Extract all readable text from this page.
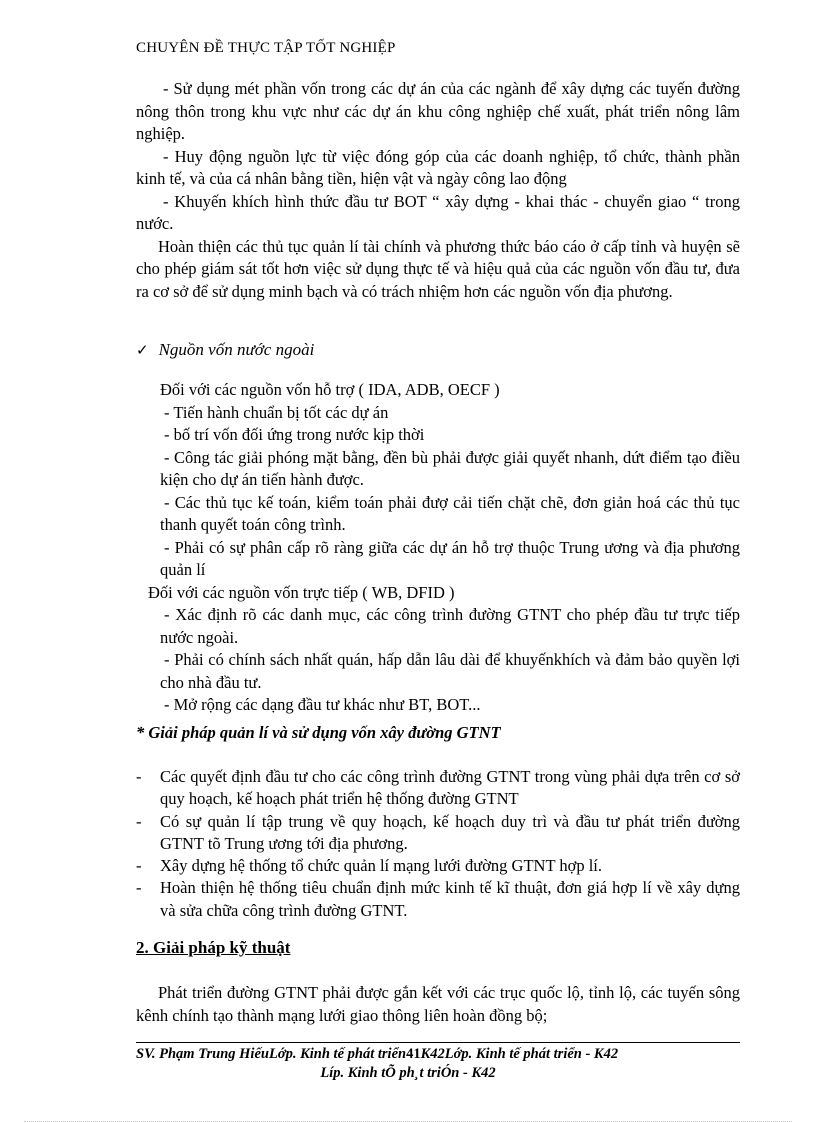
CHUYÊN ĐỀ THỰC TẬP TỐT NGHIỆP

- Sử dụng mét phần vốn trong các dự án của các ngành để xây dựng các tuyến đường nông thôn trong khu vực như các dự án khu công nghiệp chế xuất, phát triển nông lâm nghiệp.

- Huy động nguồn lực từ việc đóng góp của các doanh nghiệp, tổ chức, thành phần kinh tế, và của cá nhân bằng tiền, hiện vật và ngày công lao động

- Khuyến khích hình thức đầu tư BOT “ xây dựng - khai thác - chuyển giao “ trong nước.

Hoàn thiện các thủ tục quản lí tài chính và phương thức báo cáo ở cấp tỉnh và huyện sẽ cho phép giám sát tốt hơn việc sử dụng thực tế và hiệu quả của các nguồn vốn đầu tư, đưa ra cơ sở để sử dụng minh bạch và có trách nhiệm hơn các nguồn vốn địa phương.

✓ Nguồn vốn nước ngoài

Đối với các nguồn vốn hỗ trợ ( IDA, ADB, OECF )

- Tiến hành chuẩn bị tốt các dự án

- bố trí vốn đối ứng trong nước kịp thời

- Công tác giải phóng mặt bằng, đền bù phải được giải quyết nhanh, dứt điểm tạo điều kiện cho dự án tiến hành được.

- Các thủ tục kế toán, kiểm toán phải đượ cải tiến chặt chẽ, đơn giản hoá các thủ tục thanh quyết toán công trình.

- Phải có sự phân cấp rõ ràng giữa các dự án hỗ trợ thuộc Trung ương và địa phương quản lí

Đối với các nguồn vốn trực tiếp ( WB, DFID )

- Xác định rõ các danh mục, các công trình đường GTNT cho phép đầu tư trực tiếp nước ngoài.

- Phải có chính sách nhất quán, hấp dẫn lâu dài để khuyếnkhích và đảm bảo quyền lợi cho nhà đầu tư.

- Mở rộng các dạng đầu tư khác như BT, BOT...

* Giải pháp quản lí và sử dụng vốn xây đường GTNT
-	Các quyết định đầu tư cho các công trình đường GTNT trong vùng phải dựa trên cơ sở quy hoạch, kế hoạch phát triển hệ thống đường GTNT
-	Có sự quản lí tập trung về quy hoạch, kế hoạch duy trì và đầu tư phát triển đường GTNT tõ Trung ương tới địa phương.
-	Xây dựng hệ thống tổ chức quản lí mạng lưới đường GTNT hợp lí.
-	Hoàn thiện hệ thống tiêu chuẩn định mức kinh tế kĩ thuật, đơn giá hợp lí về xây dựng và sửa chữa công trình đường GTNT.
2. Giải pháp kỹ thuật

Phát triển đường GTNT phải được gắn kết với các trục quốc lộ, tỉnh lộ, các tuyến sông kênh chính tạo thành mạng lưới giao thông liên hoàn đồng bộ;

SV. Phạm Trung HiếuLớp. Kinh tế phát triển41K42Lớp. Kinh tế phát triển - K42
Líp. Kinh tÕ ph¸t triÓn - K42
